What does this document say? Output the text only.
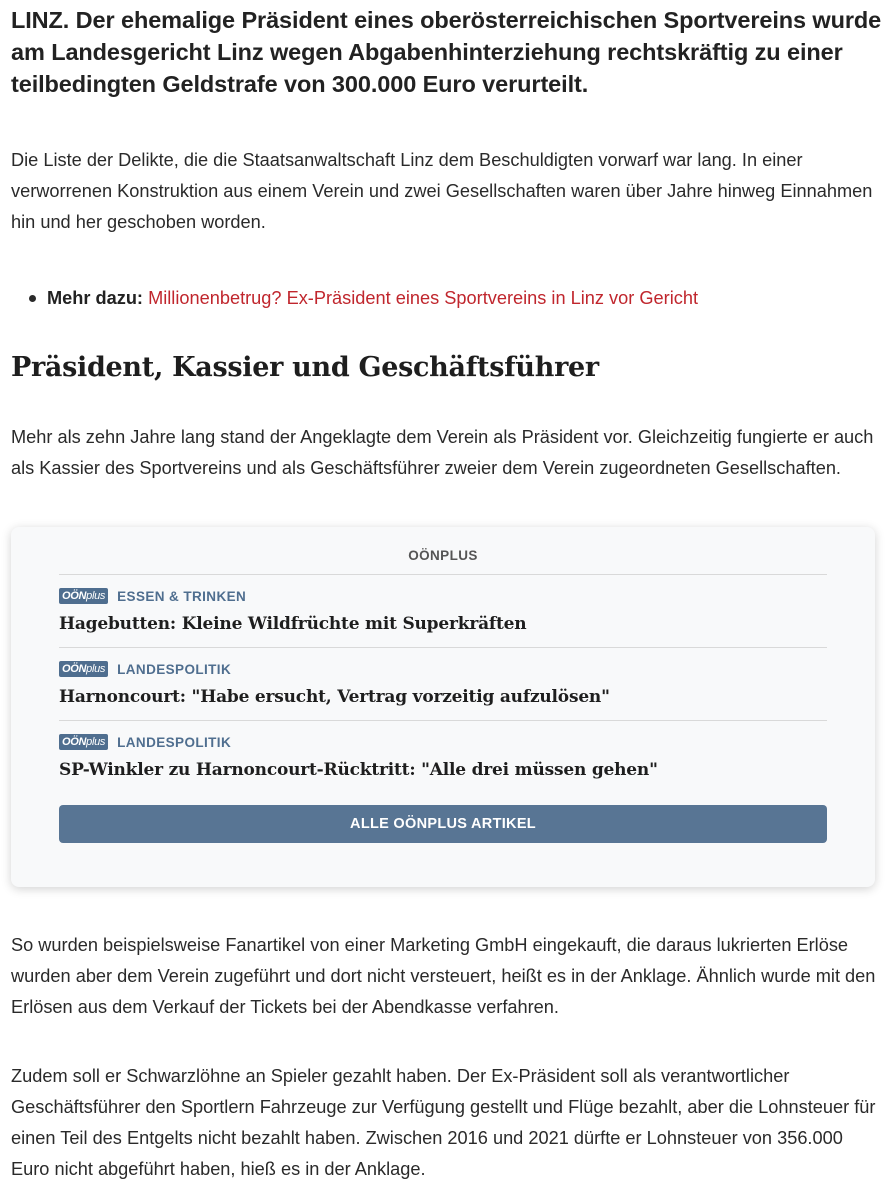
LINZ. Der ehemalige Präsident eines oberösterreichischen Sportvereins wurde am Landesgericht Linz wegen Abgabenhinterziehung rechtskräftig zu einer teilbedingten Geldstrafe von 300.000 Euro verurteilt.

Die Liste der Delikte, die die Staatsanwaltschaft Linz dem Beschuldigten vorwarf war lang. In einer verworrenen Konstruktion aus einem Verein und zwei Gesellschaften waren über Jahre hinweg Einnahmen hin und her geschoben worden.

Mehr dazu: Millionenbetrug? Ex-Präsident eines Sportvereins in Linz vor Gericht
Präsident, Kassier und Geschäftsführer

Mehr als zehn Jahre lang stand der Angeklagte dem Verein als Präsident vor. Gleichzeitig fungierte er auch als Kassier des Sportvereins und als Geschäftsführer zweier dem Verein zugeordneten Gesellschaften.

OÖNPLUS
OÖNplus ESSEN & TRINKEN
Hagebutten: Kleine Wildfrüchte mit Superkräften
OÖNplus LANDESPOLITIK
Harnoncourt: "Habe ersucht, Vertrag vorzeitig aufzulösen"
OÖNplus LANDESPOLITIK
SP-Winkler zu Harnoncourt-Rücktritt: "Alle drei müssen gehen"
ALLE OÖNPLUS ARTIKEL

So wurden beispielsweise Fanartikel von einer Marketing GmbH eingekauft, die daraus lukrierten Erlöse wurden aber dem Verein zugeführt und dort nicht versteuert, heißt es in der Anklage. Ähnlich wurde mit den Erlösen aus dem Verkauf der Tickets bei der Abendkasse verfahren.

Zudem soll er Schwarzlöhne an Spieler gezahlt haben. Der Ex-Präsident soll als verantwortlicher Geschäftsführer den Sportlern Fahrzeuge zur Verfügung gestellt und Flüge bezahlt, aber die Lohnsteuer für einen Teil des Entgelts nicht bezahlt haben. Zwischen 2016 und 2021 dürfte er Lohnsteuer von 356.000 Euro nicht abgeführt haben, hieß es in der Anklage.
